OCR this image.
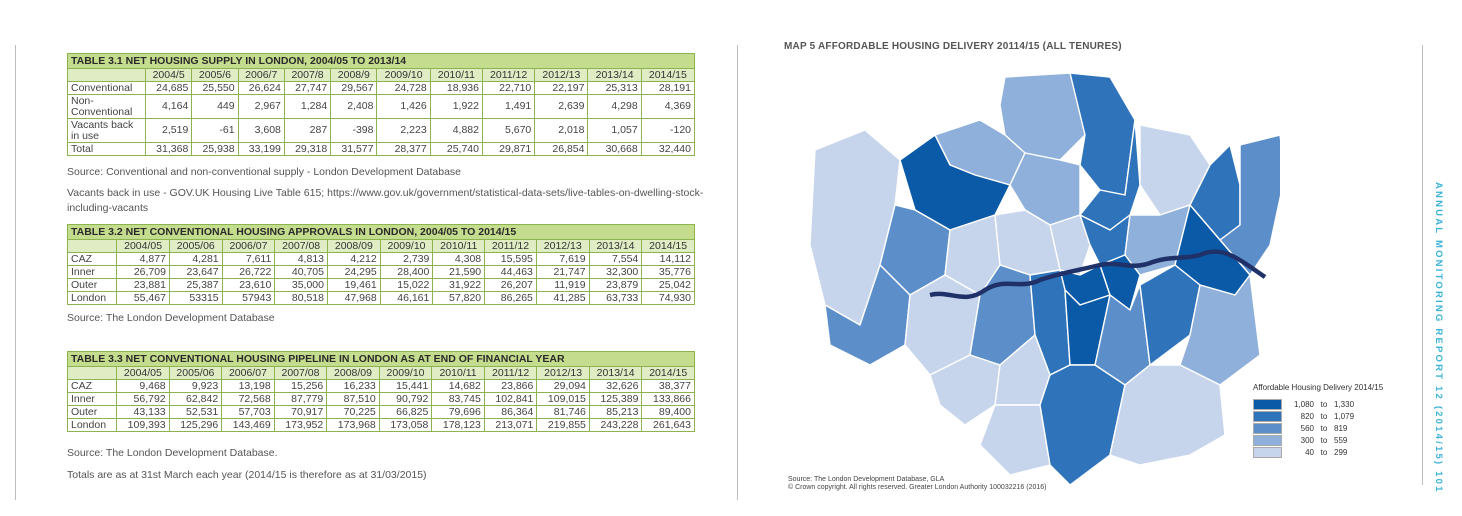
TABLE 3.1 NET HOUSING SUPPLY IN LONDON, 2004/05 TO 2013/14
	2004/5	2005/6	2006/7	2007/8	2008/9	2009/10	2010/11	2011/12	2012/13	2013/14	2014/15
Conventional	24,685	25,550	26,624	27,747	29,567	24,728	18,936	22,710	22,197	25,313	28,191
Non-Conventional	4,164	449	2,967	1,284	2,408	1,426	1,922	1,491	2,639	4,298	4,369
Vacants back in use	2,519	-61	3,608	287	-398	2,223	4,882	5,670	2,018	1,057	-120
Total	31,368	25,938	33,199	29,318	31,577	28,377	25,740	29,871	26,854	30,668	32,440
Source: Conventional and non-conventional supply - London Development Database
Vacants back in use - GOV.UK Housing Live Table 615; https://www.gov.uk/government/statistical-data-sets/live-tables-on-dwelling-stock-including-vacants
TABLE 3.2 NET CONVENTIONAL HOUSING APPROVALS IN LONDON, 2004/05 TO 2014/15
	2004/05	2005/06	2006/07	2007/08	2008/09	2009/10	2010/11	2011/12	2012/13	2013/14	2014/15
CAZ	4,877	4,281	7,611	4,813	4,212	2,739	4,308	15,595	7,619	7,554	14,112
Inner	26,709	23,647	26,722	40,705	24,295	28,400	21,590	44,463	21,747	32,300	35,776
Outer	23,881	25,387	23,610	35,000	19,461	15,022	31,922	26,207	11,919	23,879	25,042
London	55,467	53315	57943	80,518	47,968	46,161	57,820	86,265	41,285	63,733	74,930
Source: The London Development Database
TABLE 3.3 NET CONVENTIONAL HOUSING PIPELINE IN LONDON AS AT END OF FINANCIAL YEAR
	2004/05	2005/06	2006/07	2007/08	2008/09	2009/10	2010/11	2011/12	2012/13	2013/14	2014/15
CAZ	9,468	9,923	13,198	15,256	16,233	15,441	14,682	23,866	29,094	32,626	38,377
Inner	56,792	62,842	72,568	87,779	87,510	90,792	83,745	102,841	109,015	125,389	133,866
Outer	43,133	52,531	57,703	70,917	70,225	66,825	79,696	86,364	81,746	85,213	89,400
London	109,393	125,296	143,469	173,952	173,968	173,058	178,123	213,071	219,855	243,228	261,643
Source: The London Development Database.
Totals are as at 31st March each year (2014/15 is therefore as at 31/03/2015)
MAP 5 AFFORDABLE HOUSING DELIVERY 20114/15 (ALL TENURES)
Affordable Housing Delivery 2014/15
1,080 to 1,330
820 to 1,079
560 to 819
300 to 559
40 to 299
Source: The London Development Database, GLA
© Crown copyright. All rights reserved. Greater London Authority 100032216 (2016)	ANNUAL MONITORING REPORT 12 (2014/15) 101
